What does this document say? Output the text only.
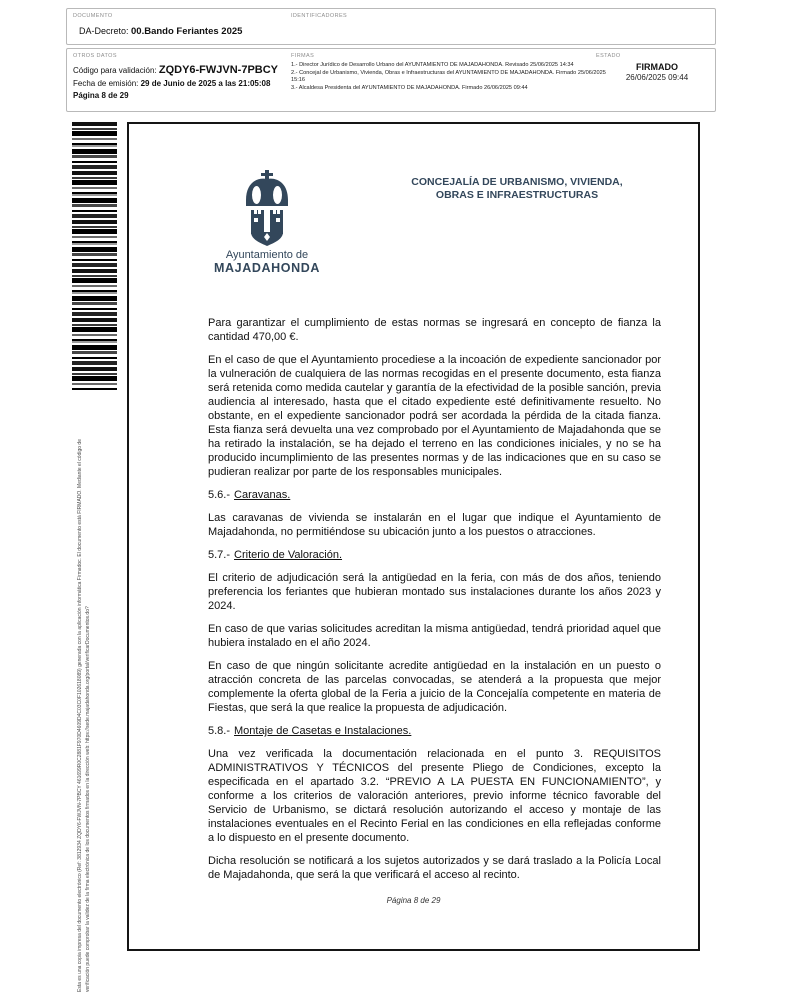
DOCUMENTO	IDENTIFICADORES
DA-Decreto: 00.Bando Feriantes 2025
OTROS DATOS
Código para validación: ZQDY6-FWJVN-7PBCY
Fecha de emisión: 29 de Junio de 2025 a las 21:05:08
Página 8 de 29
FIRMAS
1.- Director Jurídico de Desarrollo Urbano del AYUNTAMIENTO DE MAJADAHONDA. Revisado 25/06/2025 14:34
2.- Concejal de Urbanismo, Vivienda, Obras e Infraestructuras del AYUNTAMIENTO DE MAJADAHONDA. Firmado 25/06/2025 15:16
3.- Alcaldesa Presidenta del AYUNTAMIENTO DE MAJADAHONDA. Firmado 26/06/2025 09:44
ESTADO
FIRMADO
26/06/2025 09:44
Esta es una copia impresa del documento electrónico (Ref: 3812934 ZQDY6-FWJVN-7PBCY 461699R0C2881F970D4609D4C03C0F102618089) generada con la aplicación informática Firmadoc. El documento está FIRMADO. Mediante el código de verificación puede comprobar la validez de la firma electrónica de los documentos firmados en la dirección web: https://sede.majadahonda.org/portal/verificarDocumentos.do?
Ayuntamiento de
MAJADAHONDA
CONCEJALÍA DE URBANISMO, VIVIENDA,
OBRAS E INFRAESTRUCTURAS

Para garantizar el cumplimiento de estas normas se ingresará en concepto de fianza la cantidad 470,00 €.

En el caso de que el Ayuntamiento procediese a la incoación de expediente sancionador por la vulneración de cualquiera de las normas recogidas en el presente documento, esta fianza será retenida como medida cautelar y garantía de la efectividad de la posible sanción, previa audiencia al interesado, hasta que el citado expediente esté definitivamente resuelto. No obstante, en el expediente sancionador podrá ser acordada la pérdida de la citada fianza. Esta fianza será devuelta una vez comprobado por el Ayuntamiento de Majadahonda que se ha retirado la instalación, se ha dejado el terreno en las condiciones iniciales, y no se ha producido incumplimiento de las presentes normas y de las indicaciones que en su caso se pudieran realizar por parte de los responsables municipales.

5.6.- Caravanas.

Las caravanas de vivienda se instalarán en el lugar que indique el Ayuntamiento de Majadahonda, no permitiéndose su ubicación junto a los puestos o atracciones.

5.7.- Criterio de Valoración.

El criterio de adjudicación será la antigüedad en la feria, con más de dos años, teniendo preferencia los feriantes que hubieran montado sus instalaciones durante los años 2023 y 2024.

En caso de que varias solicitudes acreditan la misma antigüedad, tendrá prioridad aquel que hubiera instalado en el año 2024.

En caso de que ningún solicitante acredite antigüedad en la instalación en un puesto o atracción concreta de las parcelas convocadas, se atenderá a la propuesta que mejor complemente la oferta global de la Feria a juicio de la Concejalía competente en materia de Fiestas, que será la que realice la propuesta de adjudicación.

5.8.- Montaje de Casetas e Instalaciones.

Una vez verificada la documentación relacionada en el punto 3. REQUISITOS ADMINISTRATIVOS Y TÉCNICOS del presente Pliego de Condiciones, excepto la especificada en el apartado 3.2. “PREVIO A LA PUESTA EN FUNCIONAMIENTO”, y conforme a los criterios de valoración anteriores, previo informe técnico favorable del Servicio de Urbanismo, se dictará resolución autorizando el acceso y montaje de las instalaciones eventuales en el Recinto Ferial en las condiciones en ella reflejadas conforme a lo dispuesto en el presente documento.

Dicha resolución se notificará a los sujetos autorizados y se dará traslado a la Policía Local de Majadahonda, que será la que verificará el acceso al recinto.

Página 8 de 29
